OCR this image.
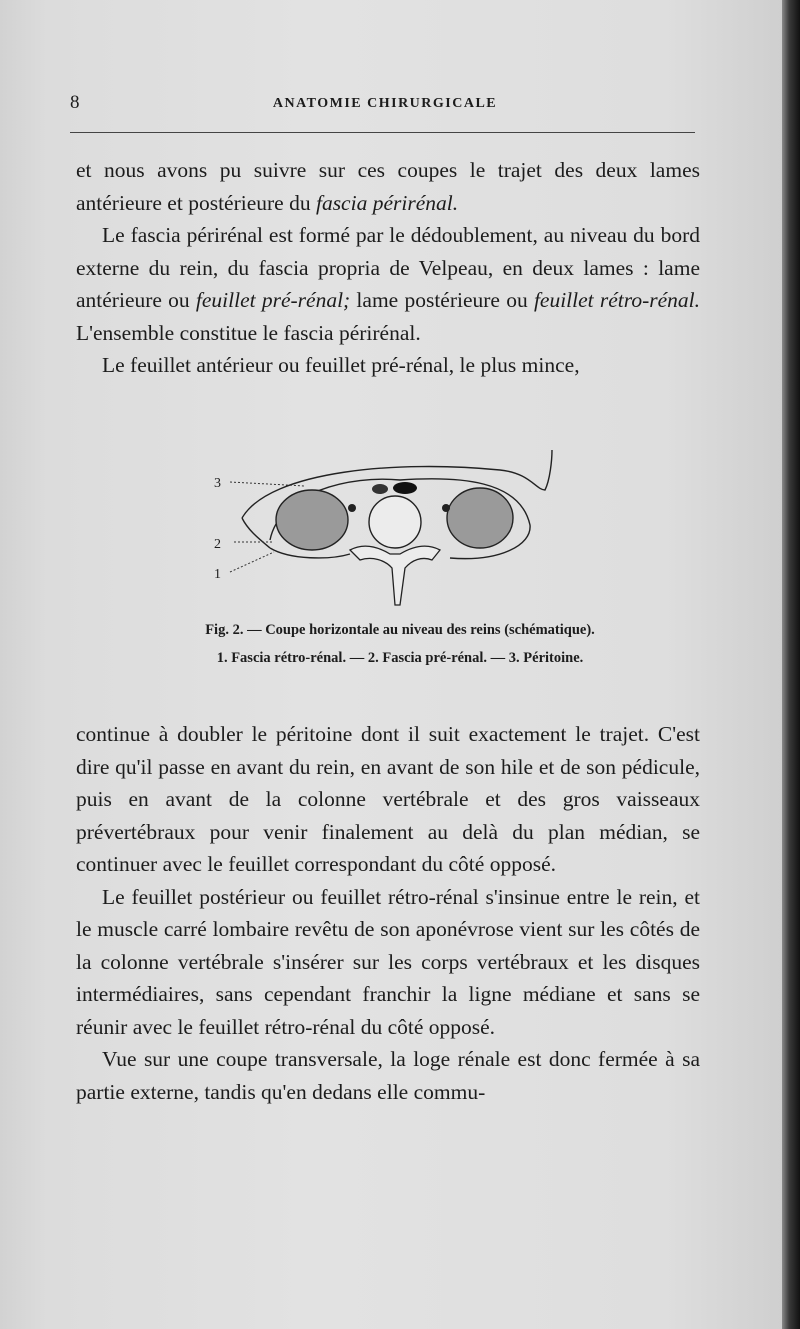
8	ANATOMIE CHIRURGICALE

et nous avons pu suivre sur ces coupes le trajet des deux lames antérieure et postérieure du fascia périrénal.

Le fascia périrénal est formé par le dédoublement, au niveau du bord externe du rein, du fascia propria de Velpeau, en deux lames : lame antérieure ou feuillet pré-rénal; lame postérieure ou feuillet rétro-rénal. L'ensemble constitue le fascia périrénal.

Le feuillet antérieur ou feuillet pré-rénal, le plus mince,

3
2
1
Fig. 2. — Coupe horizontale au niveau des reins (schématique).
1. Fascia rétro-rénal. — 2. Fascia pré-rénal. — 3. Péritoine.

continue à doubler le péritoine dont il suit exactement le trajet. C'est dire qu'il passe en avant du rein, en avant de son hile et de son pédicule, puis en avant de la colonne vertébrale et des gros vaisseaux prévertébraux pour venir finalement au delà du plan médian, se continuer avec le feuillet correspondant du côté opposé.

Le feuillet postérieur ou feuillet rétro-rénal s'insinue entre le rein, et le muscle carré lombaire revêtu de son aponévrose vient sur les côtés de la colonne vertébrale s'insérer sur les corps vertébraux et les disques intermédiaires, sans cependant franchir la ligne médiane et sans se réunir avec le feuillet rétro-rénal du côté opposé.

Vue sur une coupe transversale, la loge rénale est donc fermée à sa partie externe, tandis qu'en dedans elle commu-
